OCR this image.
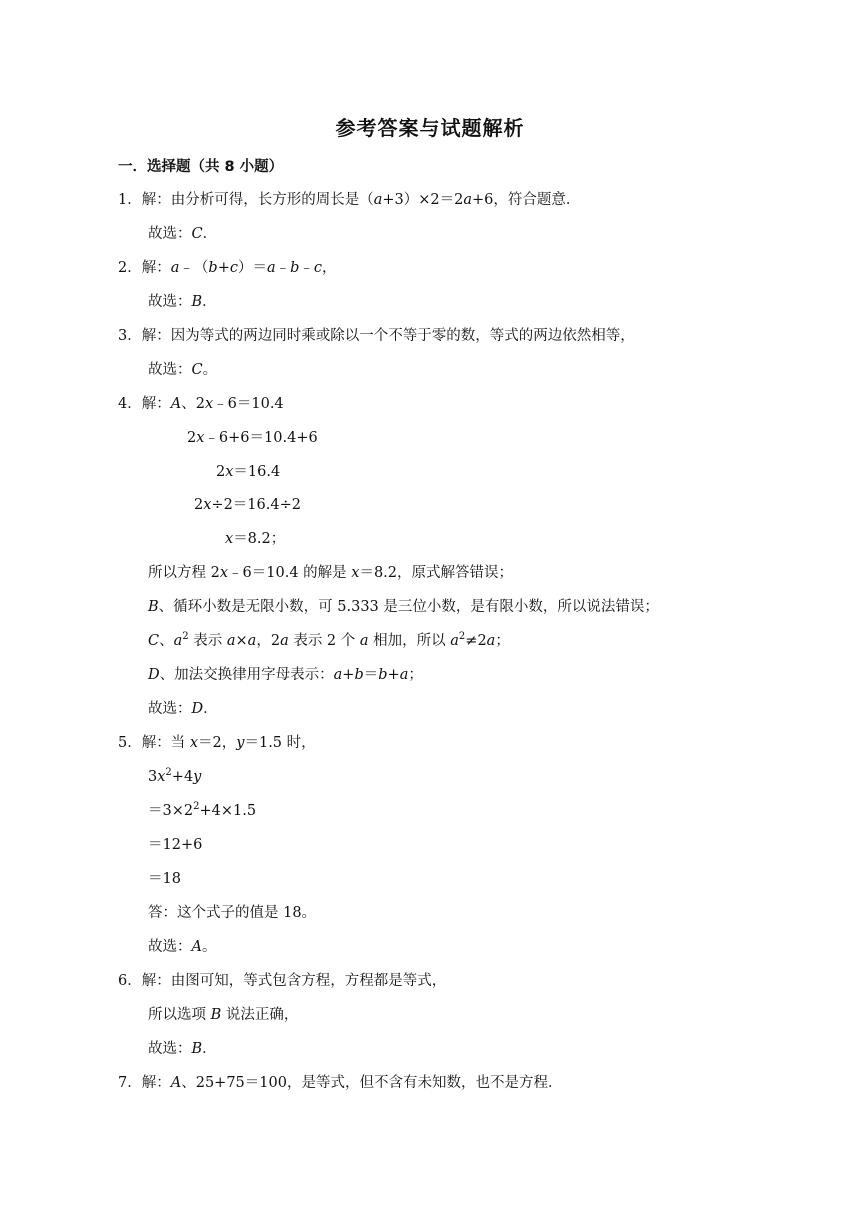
参考答案与试题解析
一．选择题（共 8 小题）
1．解：由分析可得，长方形的周长是（a+3）×2＝2a+6，符合题意．
故选：C．
2．解：a﹣（b+c）＝a﹣b﹣c，
故选：B．
3．解：因为等式的两边同时乘或除以一个不等于零的数，等式的两边依然相等，
故选：C。
4．解：A、2x﹣6＝10.4
2x﹣6+6＝10.4+6
2x＝16.4
2x÷2＝16.4÷2
x＝8.2；
所以方程 2x﹣6＝10.4 的解是 x＝8.2，原式解答错误；
B、循环小数是无限小数，可 5.333 是三位小数，是有限小数，所以说法错误；
C、$a^2$ 表示 a×a，2a 表示 2 个 a 相加，所以 $a^2\ne 2a$；
D、加法交换律用字母表示：a+b＝b+a；
故选：D．
5．解：当 x＝2，y＝1.5 时，
$3x^2+4y$
$=3\times 2^2+4\times 1.5$
＝12+6
＝18
答：这个式子的值是 18。
故选：A。
6．解：由图可知，等式包含方程，方程都是等式，
所以选项 B 说法正确，
故选：B．
7．解：A、25+75＝100，是等式，但不含有未知数，也不是方程．
